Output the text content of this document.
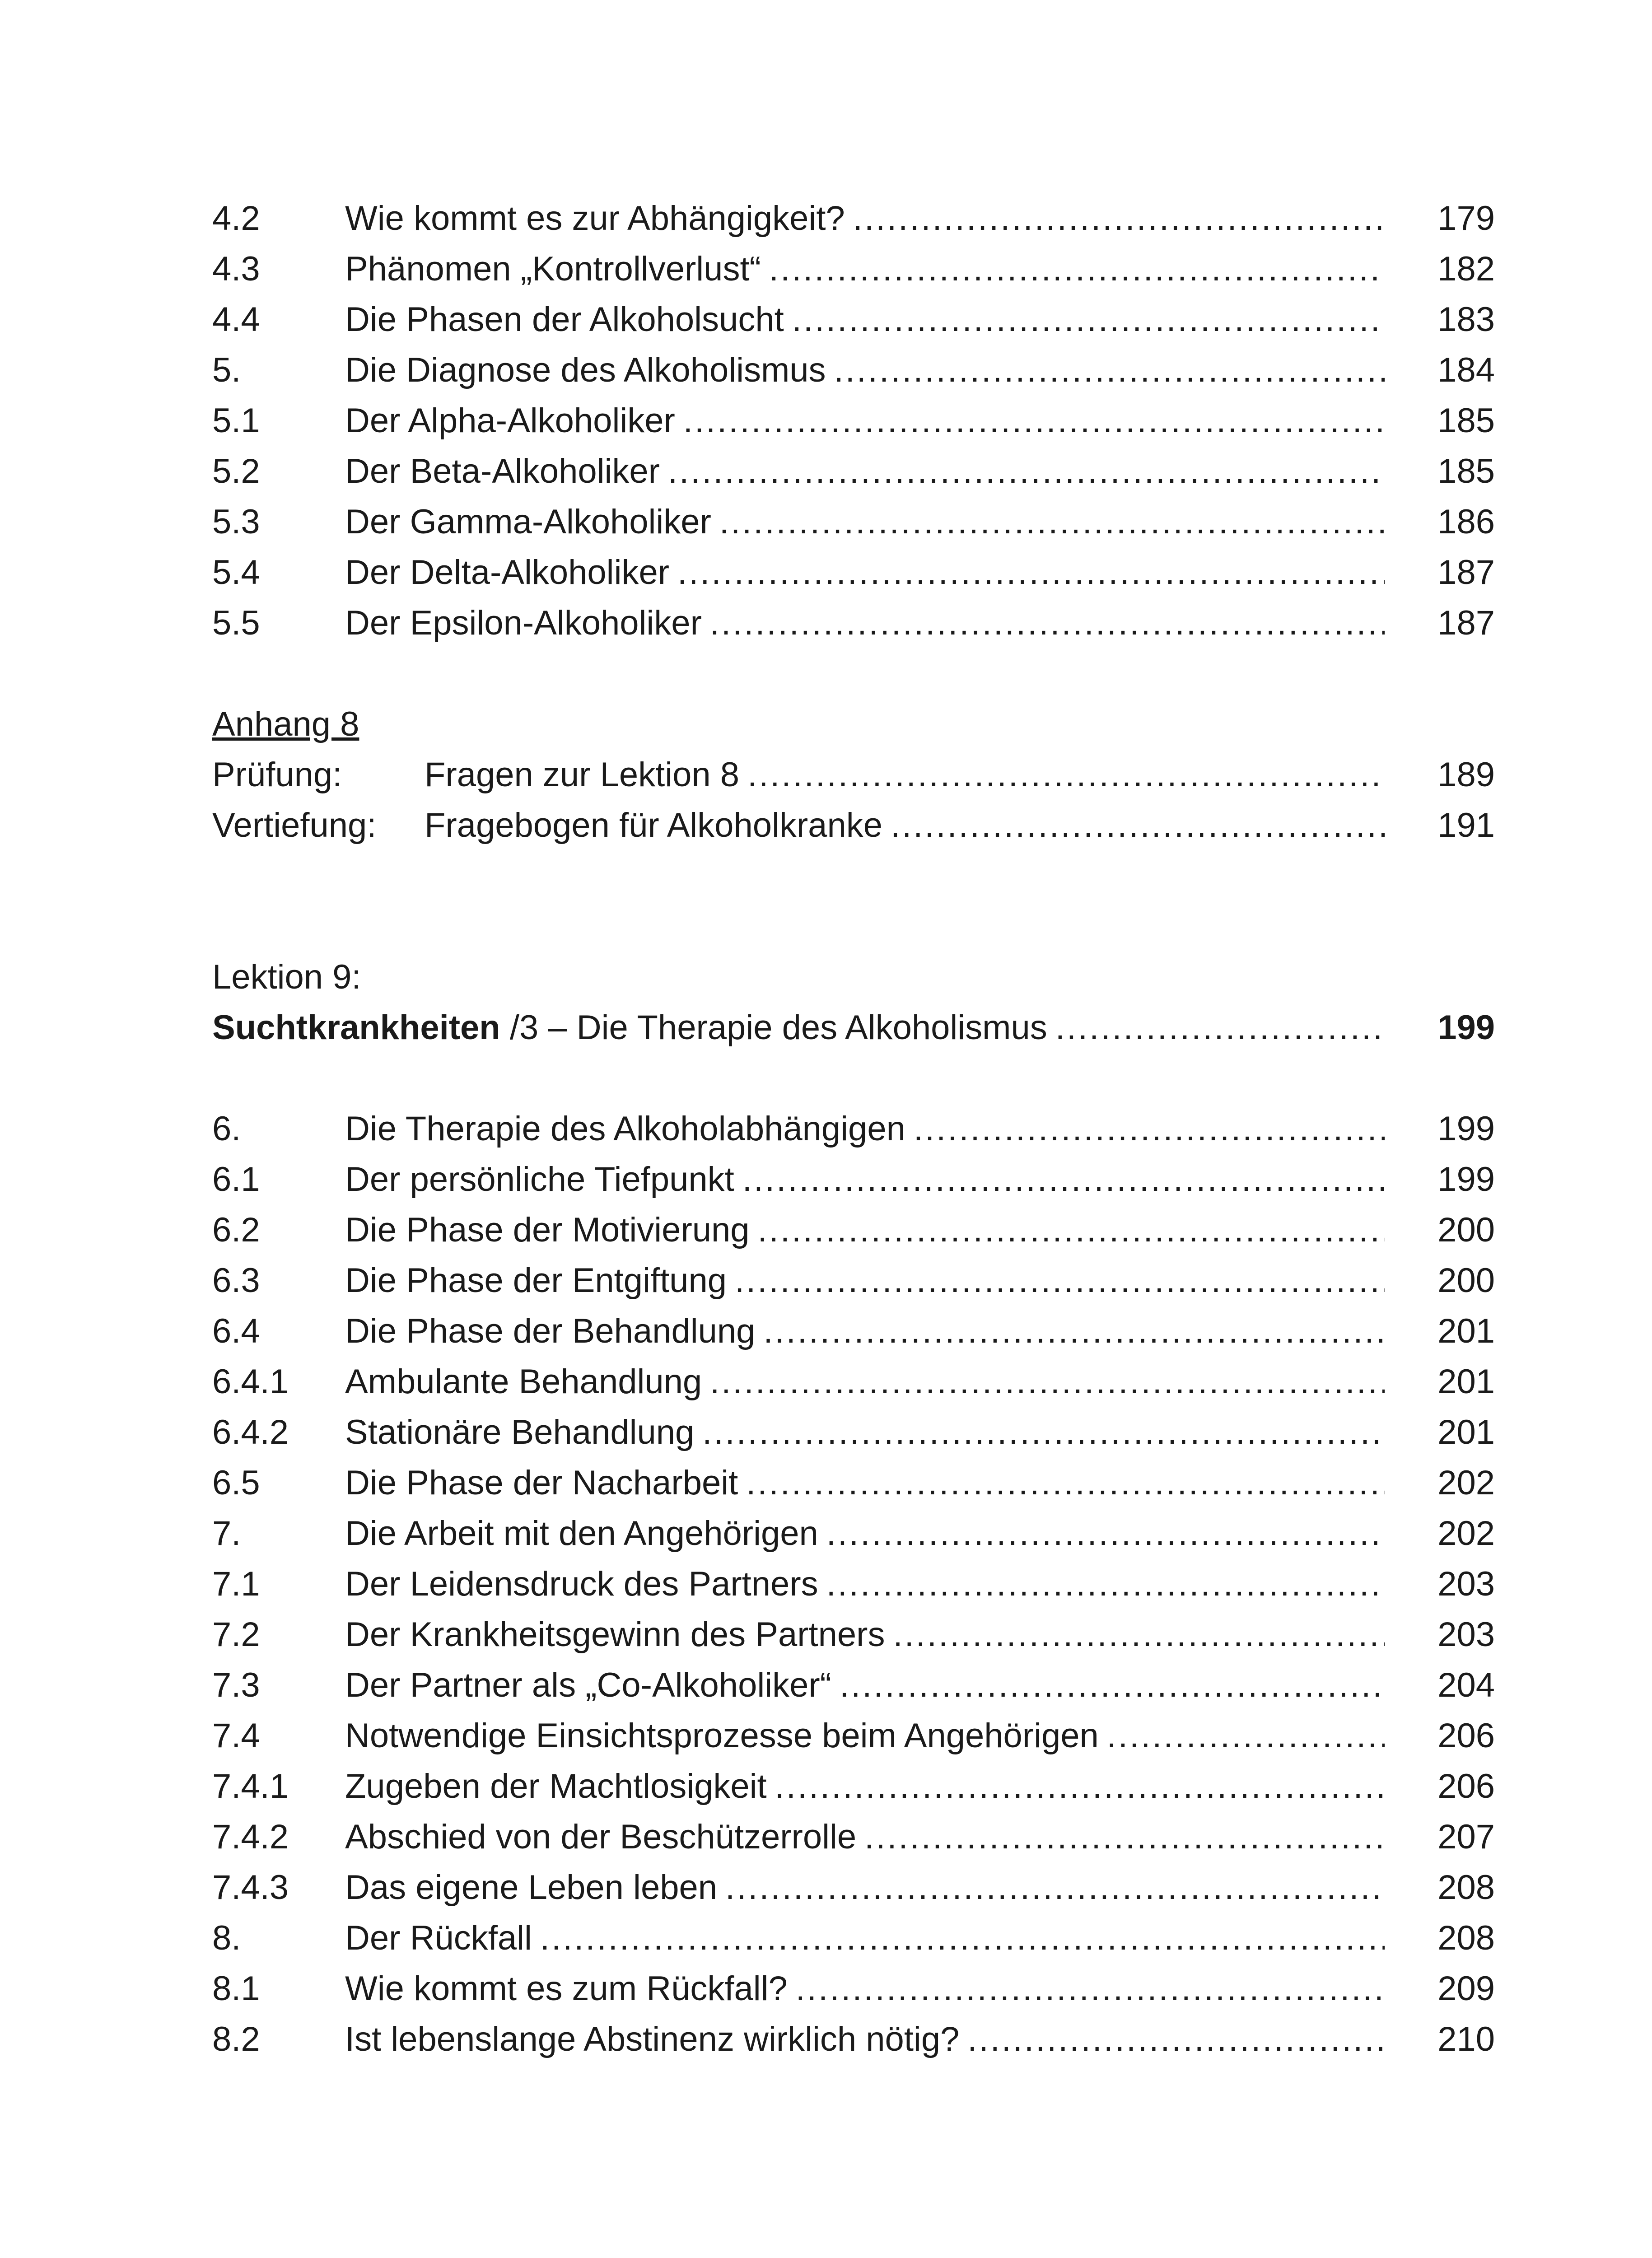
4.2	Wie kommt es zur Abhängigkeit? .....	179
4.3	Phänomen „Kontrollverlust“ .....	182
4.4	Die Phasen der Alkoholsucht .....	183
5.	Die Diagnose des Alkoholismus .....	184
5.1	Der Alpha-Alkoholiker .....	185
5.2	Der Beta-Alkoholiker .....	185
5.3	Der Gamma-Alkoholiker .....	186
5.4	Der Delta-Alkoholiker .....	187
5.5	Der Epsilon-Alkoholiker .....	187
Anhang 8
Prüfung:	Fragen zur Lektion 8 .....	189
Vertiefung:	Fragebogen für Alkoholkranke .....	191
Lektion 9:
Suchtkrankheiten /3 – Die Therapie des Alkoholismus .....	199
6.	Die Therapie des Alkoholabhängigen .....	199
6.1	Der persönliche Tiefpunkt .....	199
6.2	Die Phase der Motivierung .....	200
6.3	Die Phase der Entgiftung .....	200
6.4	Die Phase der Behandlung .....	201
6.4.1	Ambulante Behandlung .....	201
6.4.2	Stationäre Behandlung .....	201
6.5	Die Phase der Nacharbeit .....	202
7.	Die Arbeit mit den Angehörigen .....	202
7.1	Der Leidensdruck des Partners .....	203
7.2	Der Krankheitsgewinn des Partners .....	203
7.3	Der Partner als „Co-Alkoholiker“ .....	204
7.4	Notwendige Einsichtsprozesse beim Angehörigen .....	206
7.4.1	Zugeben der Machtlosigkeit .....	206
7.4.2	Abschied von der Beschützerrolle .....	207
7.4.3	Das eigene Leben leben .....	208
8.	Der Rückfall .....	208
8.1	Wie kommt es zum Rückfall? .....	209
8.2	Ist lebenslange Abstinenz wirklich nötig? .....	210
